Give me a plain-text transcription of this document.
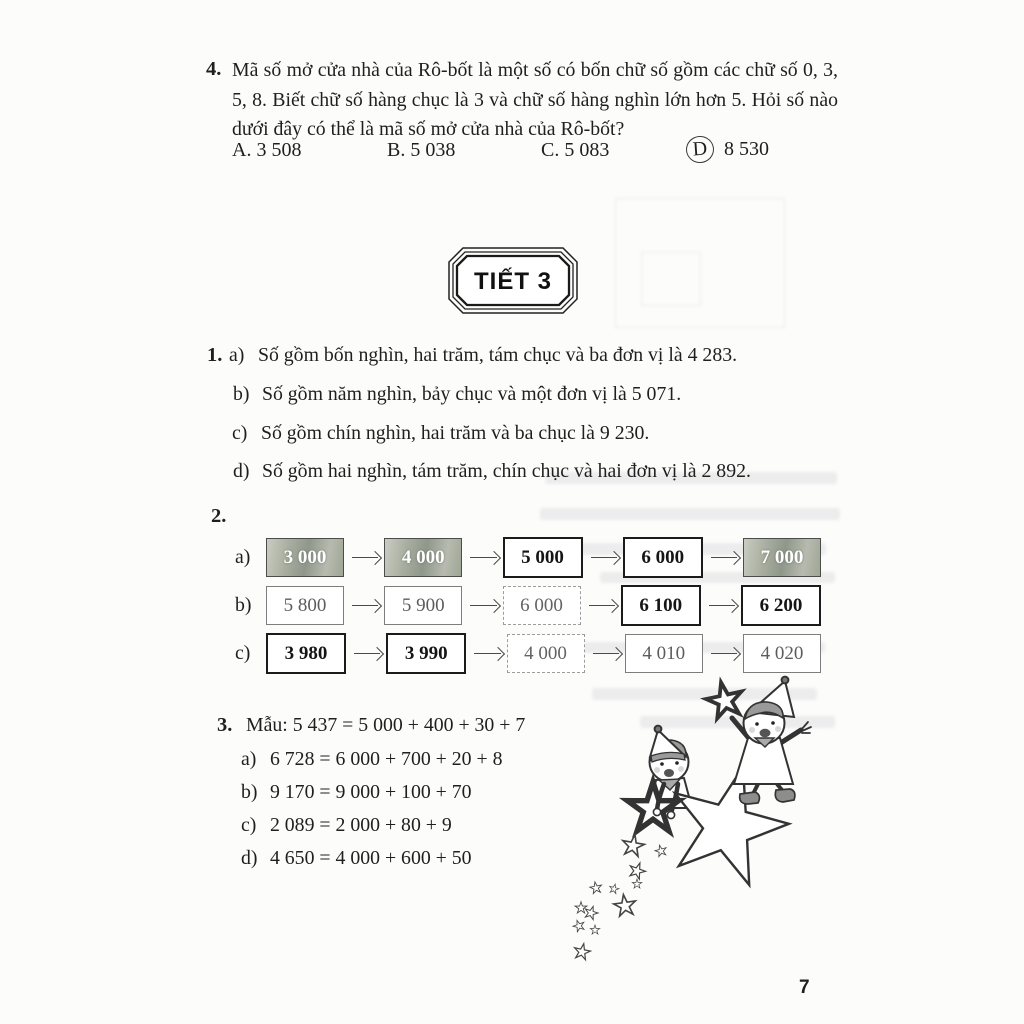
4. Mã số mở cửa nhà của Rô-bốt là một số có bốn chữ số gồm các chữ số 0, 3, 5, 8. Biết chữ số hàng chục là 3 và chữ số hàng nghìn lớn hơn 5. Hỏi số nào dưới đây có thể là mã số mở cửa nhà của Rô-bốt?

A. 3 508	B. 5 038	C. 5 083	D 8 530
TIẾT 3
1. a) Số gồm bốn nghìn, hai trăm, tám chục và ba đơn vị là 4 283.
b) Số gồm năm nghìn, bảy chục và một đơn vị là 5 071.
c) Số gồm chín nghìn, hai trăm và ba chục là 9 230.
d) Số gồm hai nghìn, tám trăm, chín chục và hai đơn vị là 2 892.
2.
a)	3 000	4 000	5 000	6 000	7 000
b)	5 800	5 900	6 000	6 100	6 200
c)	3 980	3 990	4 000	4 010	4 020
3. Mẫu: 5 437 = 5 000 + 400 + 30 + 7
a) 6 728 = 6 000 + 700 + 20 + 8
b) 9 170 = 9 000 + 100 + 70
c) 2 089 = 2 000 + 80 + 9
d) 4 650 = 4 000 + 600 + 50
7
